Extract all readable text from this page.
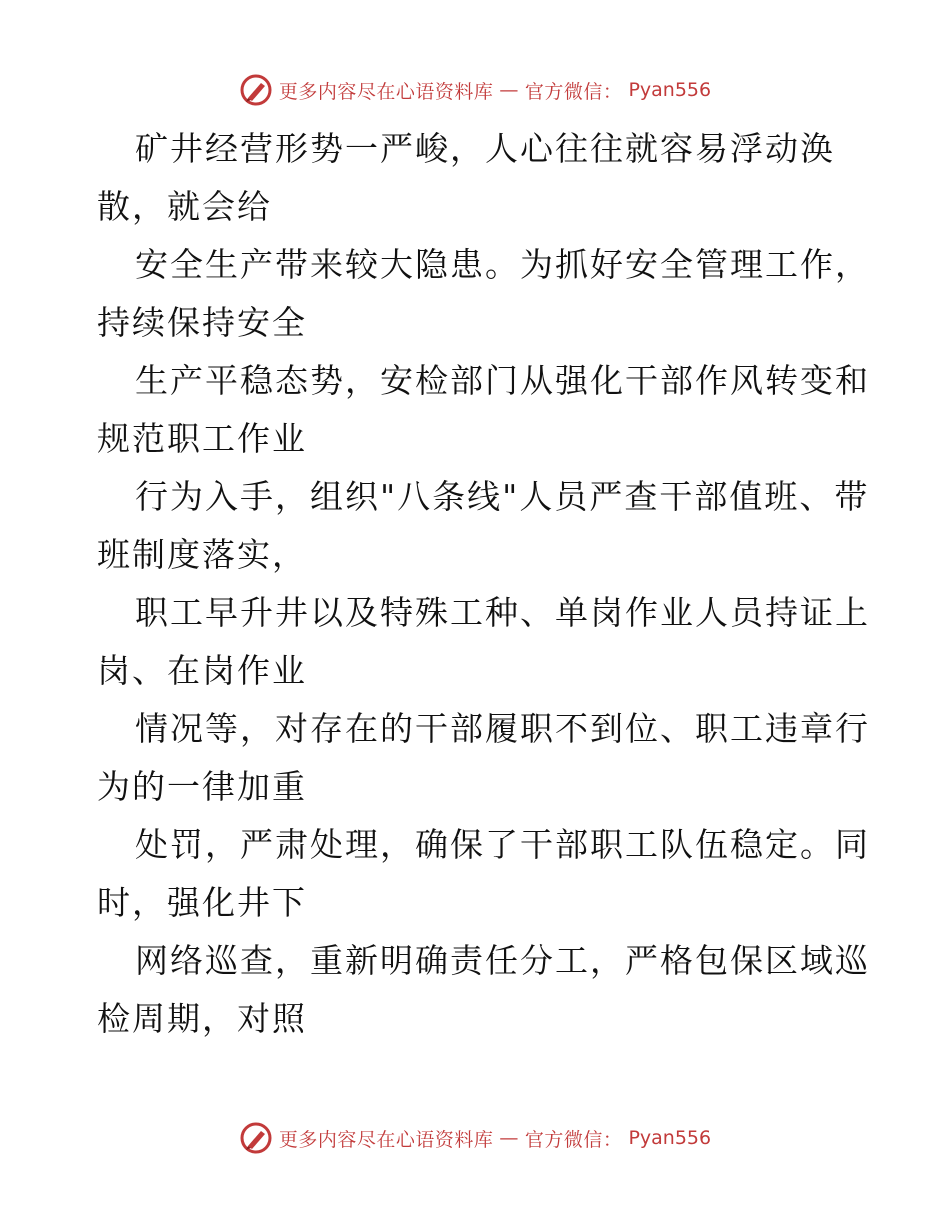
更多内容尽在心语资料库 — 官方微信： Pyan556
矿井经营形势一严峻，人心往往就容易浮动涣
散，就会给
安全生产带来较大隐患。为抓好安全管理工作，
持续保持安全
生产平稳态势，安检部门从强化干部作风转变和
规范职工作业
行为入手，组织"八条线"人员严查干部值班、带
班制度落实，
职工早升井以及特殊工种、单岗作业人员持证上
岗、在岗作业
情况等，对存在的干部履职不到位、职工违章行
为的一律加重
处罚，严肃处理，确保了干部职工队伍稳定。同
时，强化井下
网络巡查，重新明确责任分工，严格包保区域巡
检周期，对照
更多内容尽在心语资料库 — 官方微信： Pyan556
